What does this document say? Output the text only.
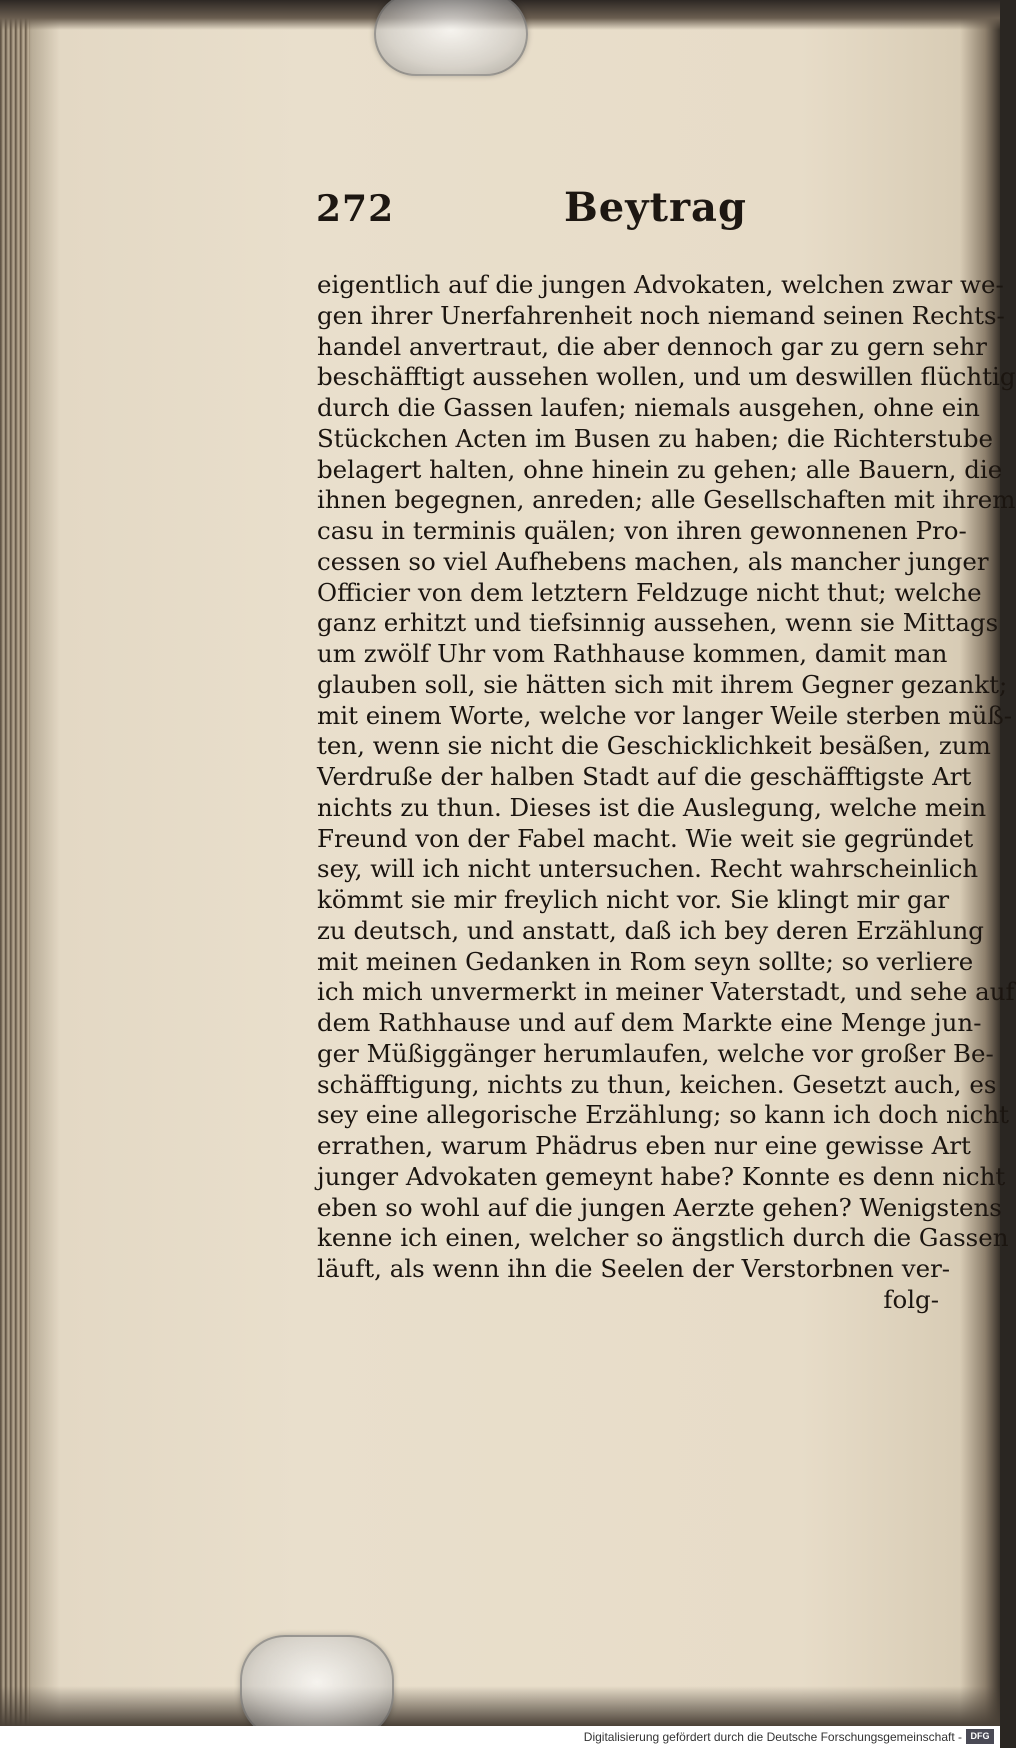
272	Beytrag
eigentlich auf die jungen Advokaten, welchen zwar we-
gen ihrer Unerfahrenheit noch niemand seinen Rechts-
handel anvertraut, die aber dennoch gar zu gern sehr
beschäfftigt aussehen wollen, und um deswillen flüchtig
durch die Gassen laufen; niemals ausgehen, ohne ein
Stückchen Acten im Busen zu haben; die Richterstube
belagert halten, ohne hinein zu gehen; alle Bauern, die
ihnen begegnen, anreden; alle Gesellschaften mit ihrem
casu in terminis quälen; von ihren gewonnenen Pro-
cessen so viel Aufhebens machen, als mancher junger
Officier von dem letztern Feldzuge nicht thut; welche
ganz erhitzt und tiefsinnig aussehen, wenn sie Mittags
um zwölf Uhr vom Rathhause kommen, damit man
glauben soll, sie hätten sich mit ihrem Gegner gezankt;
mit einem Worte, welche vor langer Weile sterben müß-
ten, wenn sie nicht die Geschicklichkeit besäßen, zum
Verdruße der halben Stadt auf die geschäfftigste Art
nichts zu thun. Dieses ist die Auslegung, welche mein
Freund von der Fabel macht. Wie weit sie gegründet
sey, will ich nicht untersuchen. Recht wahrscheinlich
kömmt sie mir freylich nicht vor. Sie klingt mir gar
zu deutsch, und anstatt, daß ich bey deren Erzählung
mit meinen Gedanken in Rom seyn sollte; so verliere
ich mich unvermerkt in meiner Vaterstadt, und sehe auf
dem Rathhause und auf dem Markte eine Menge jun-
ger Müßiggänger herumlaufen, welche vor großer Be-
schäfftigung, nichts zu thun, keichen. Gesetzt auch, es
sey eine allegorische Erzählung; so kann ich doch nicht
errathen, warum Phädrus eben nur eine gewisse Art
junger Advokaten gemeynt habe? Konnte es denn nicht
eben so wohl auf die jungen Aerzte gehen? Wenigstens
kenne ich einen, welcher so ängstlich durch die Gassen
läuft, als wenn ihn die Seelen der Verstorbnen ver-
folg-
Digitalisierung gefördert durch die Deutsche Forschungsgemeinschaft - DFG
